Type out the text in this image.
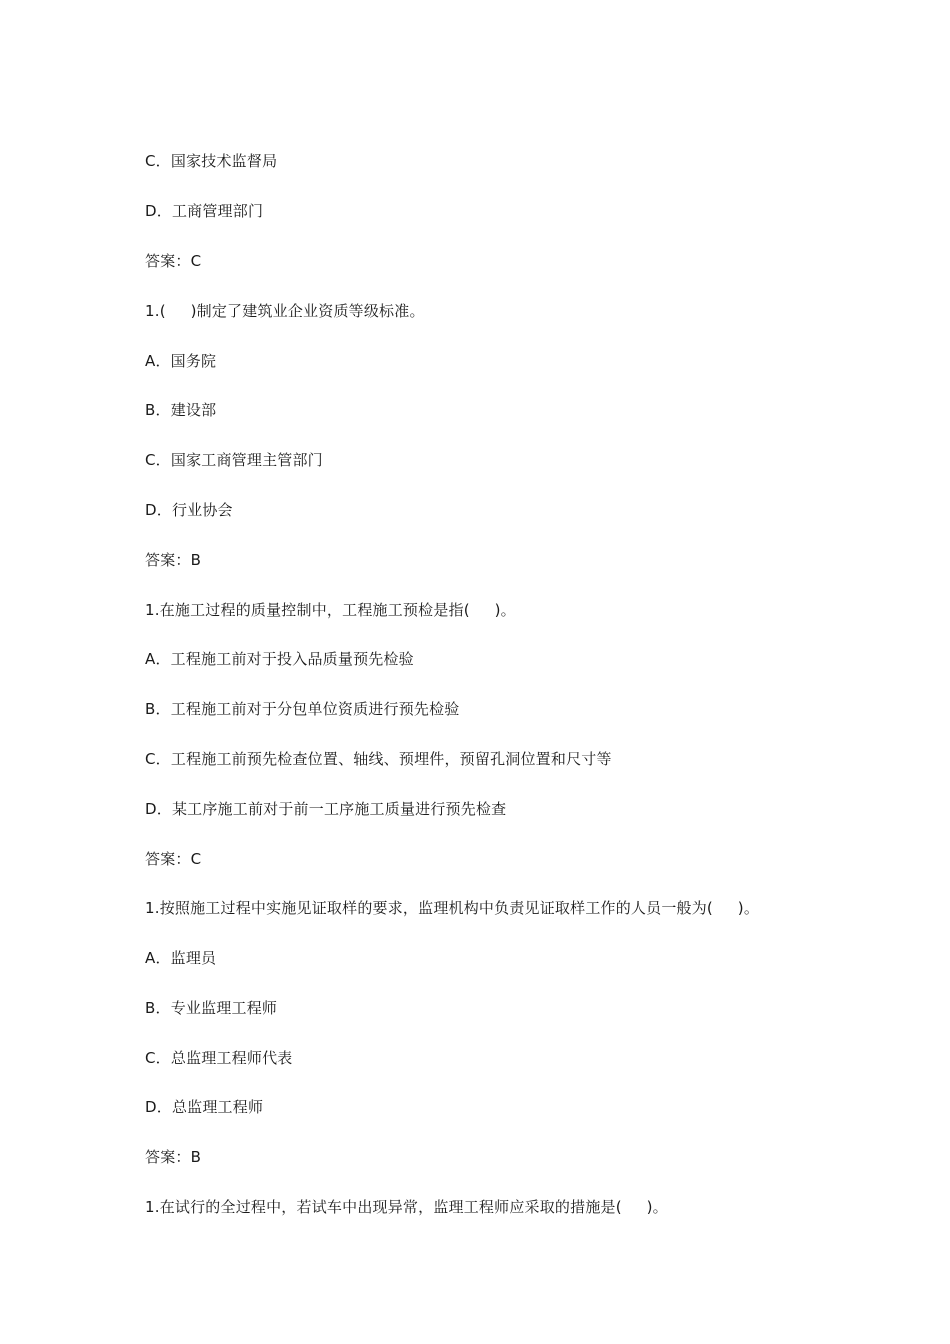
C．国家技术监督局
D．工商管理部门
答案：C
1.(     )制定了建筑业企业资质等级标准。
A．国务院
B．建设部
C．国家工商管理主管部门
D．行业协会
答案：B
1.在施工过程的质量控制中，工程施工预检是指(     )。
A．工程施工前对于投入品质量预先检验
B．工程施工前对于分包单位资质进行预先检验
C．工程施工前预先检查位置、轴线、预埋件，预留孔洞位置和尺寸等
D．某工序施工前对于前一工序施工质量进行预先检查
答案：C
1.按照施工过程中实施见证取样的要求，监理机构中负责见证取样工作的人员一般为(     )。
A．监理员
B．专业监理工程师
C．总监理工程师代表
D．总监理工程师
答案：B
1.在试行的全过程中，若试车中出现异常，监理工程师应采取的措施是(     )。
